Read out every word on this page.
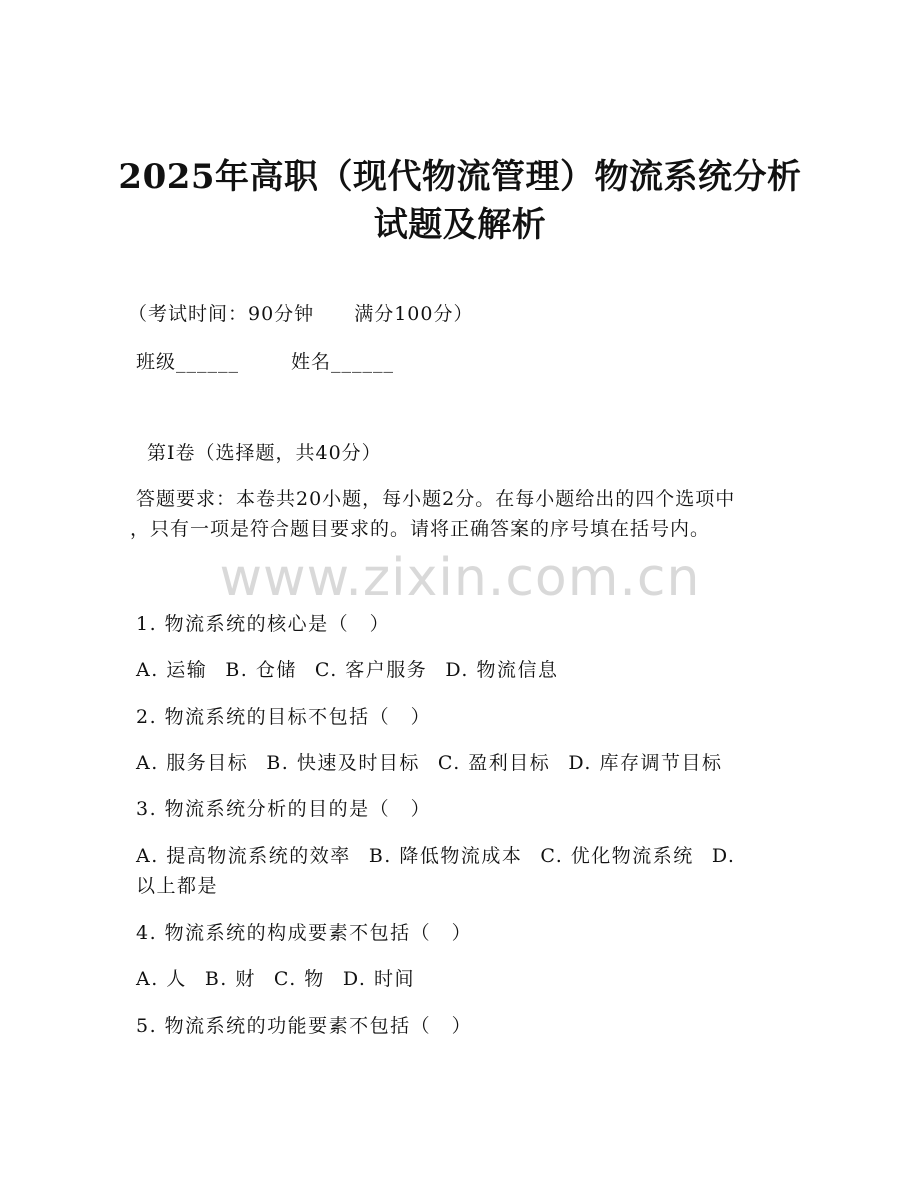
2025年高职（现代物流管理）物流系统分析
试题及解析
（考试时间：90分钟 满分100分）
班级______	姓名______
第I卷（选择题，共40分）
答题要求：本卷共20小题，每小题2分。在每小题给出的四个选项中
，只有一项是符合题目要求的。请将正确答案的序号填在括号内。
www.zixin.com.cn
1. 物流系统的核心是（　）
A. 运输 B. 仓储 C. 客户服务 D. 物流信息
2. 物流系统的目标不包括（　）
A. 服务目标 B. 快速及时目标 C. 盈利目标 D. 库存调节目标
3. 物流系统分析的目的是（　）
A. 提高物流系统的效率 B. 降低物流成本 C. 优化物流系统 D.
以上都是
4. 物流系统的构成要素不包括（　）
A. 人 B. 财 C. 物 D. 时间
5. 物流系统的功能要素不包括（　）
